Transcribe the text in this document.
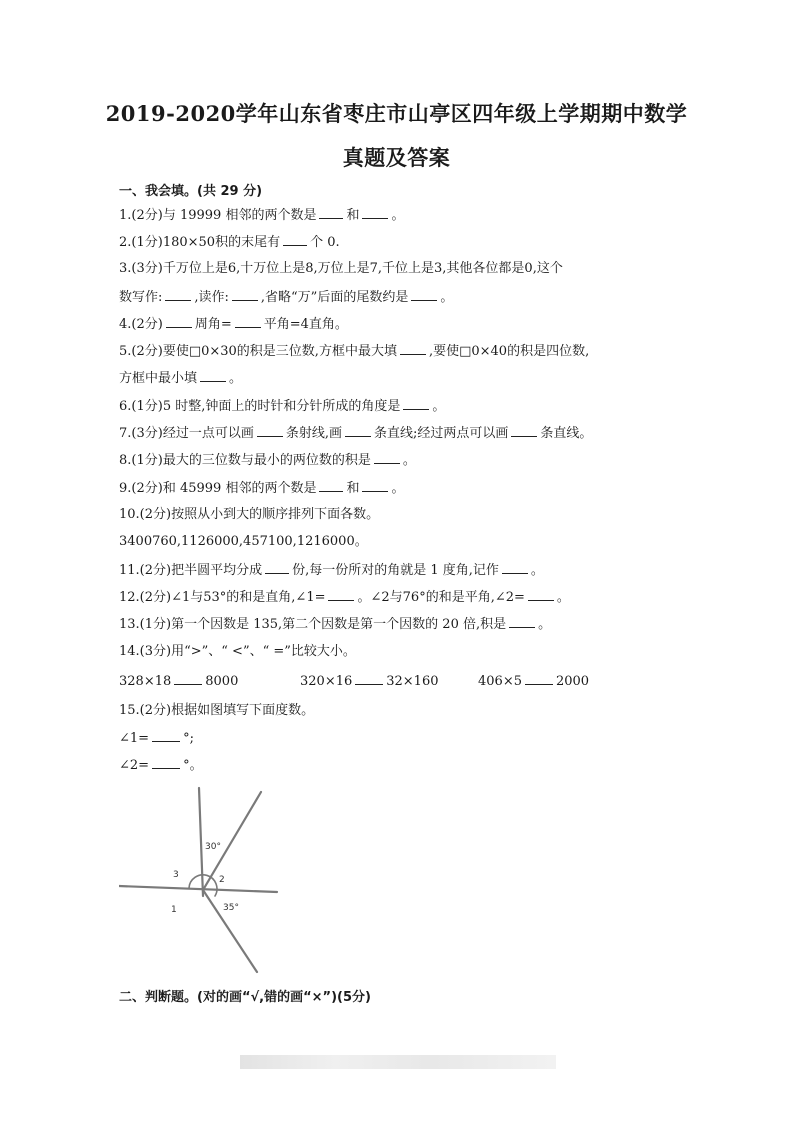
2019-2020学年山东省枣庄市山亭区四年级上学期期中数学
真题及答案
一、我会填。(共 29 分)
1.(2分)与 19999 相邻的两个数是 和 。
2.(1分)180×50积的末尾有 个 0.
3.(3分)千万位上是6,十万位上是8,万位上是7,千位上是3,其他各位都是0,这个
数写作: ,读作: ,省略“万”后面的尾数约是 。
4.(2分) 周角= 平角=4直角。
5.(2分)要使□0×30的积是三位数,方框中最大填 ,要使□0×40的积是四位数,
方框中最小填 。
6.(1分)5 时整,钟面上的时针和分针所成的角度是 。
7.(3分)经过一点可以画 条射线,画 条直线;经过两点可以画 条直线。
8.(1分)最大的三位数与最小的两位数的积是 。
9.(2分)和 45999 相邻的两个数是 和 。
10.(2分)按照从小到大的顺序排列下面各数。
3400760,1126000,457100,1216000。
11.(2分)把半圆平均分成 份,每一份所对的角就是 1 度角,记作 。
12.(2分)∠1与53°的和是直角,∠1= 。∠2与76°的和是平角,∠2= 。
13.(1分)第一个因数是 135,第二个因数是第一个因数的 20 倍,积是 。
14.(3分)用“>”、“ <”、“ =”比较大小。
328×18	8000	320×16	32×160	406×5	2000
15.(2分)根据如图填写下面度数。
∠1=	°;
∠2=	°。
30°
3	2
1	35°
二、判断题。(对的画“√,错的画“×”)(5分)
